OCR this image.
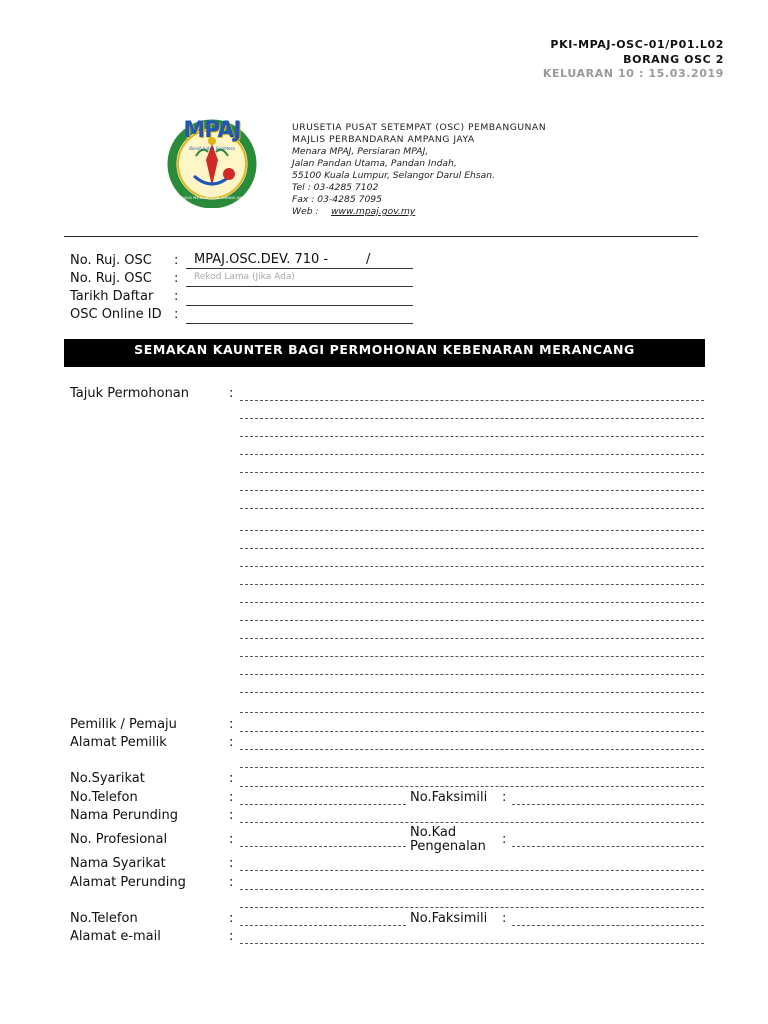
PKI-MPAJ-OSC-01/P01.L02
BORANG OSC 2
KELUARAN 10 : 15.03.2019
MPAJ
Bersih Indah Sejahtera
MAJLIS PERBANDARAN AMPANG JAYA
URUSETIA PUSAT SETEMPAT (OSC) PEMBANGUNAN
MAJLIS PERBANDARAN AMPANG JAYA
Menara MPAJ, Persiaran MPAJ,
Jalan Pandan Utama, Pandan Indah,
55100 Kuala Lumpur, Selangor Darul Ehsan.
Tel : 03-4285 7102
Fax : 03-4285 7095
Web : www.mpaj.gov.my
No. Ruj. OSC : MPAJ.OSC.DEV. 710 -	/
No. Ruj. OSC : Rekod Lama (Jika Ada)
Tarikh Daftar :
OSC Online ID :
SEMAKAN KAUNTER BAGI PERMOHONAN KEBENARAN MERANCANG
Tajuk Permohonan	:
Pemilik / Pemaju	:
Alamat Pemilik	:
No.Syarikat	:
No.Telefon	:	No.Faksimili :
Nama Perunding	:
No. Profesional	:	No.Kad
Pengenalan :
Nama Syarikat	:
Alamat Perunding	:
No.Telefon	:	No.Faksimili :
Alamat e-mail	:
